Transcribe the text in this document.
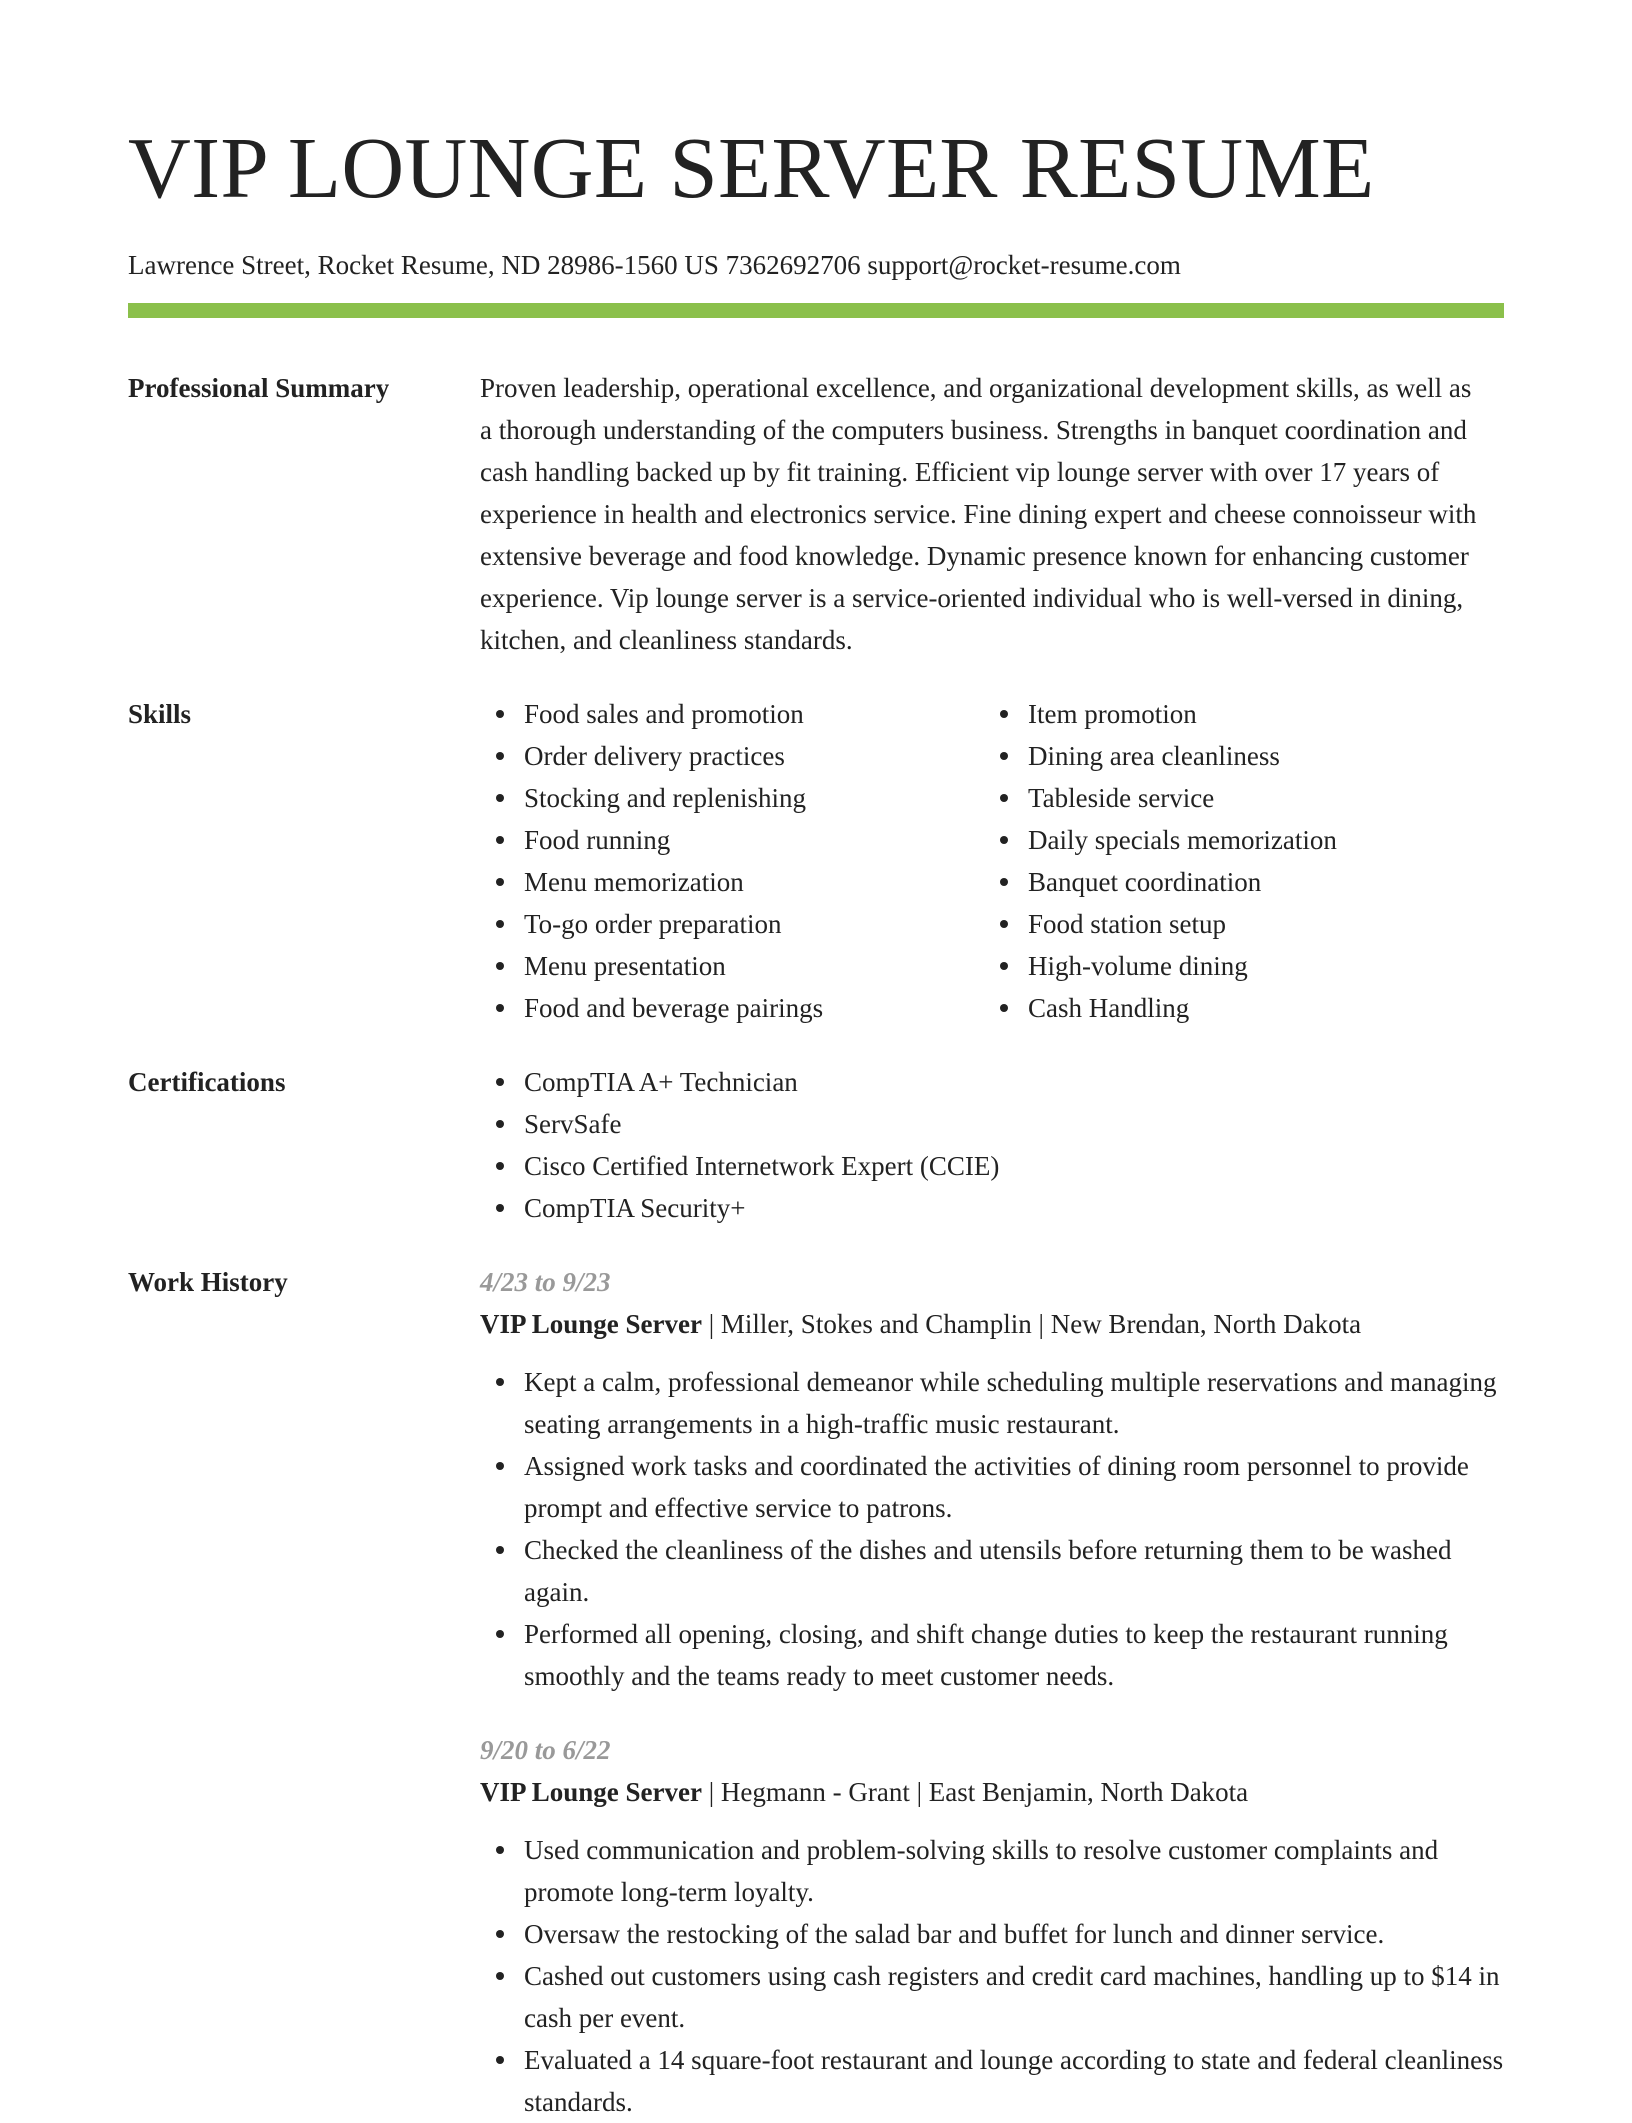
VIP LOUNGE SERVER RESUME
Lawrence Street, Rocket Resume, ND 28986-1560 US 7362692706 support@rocket-resume.com
Professional Summary	Proven leadership, operational excellence, and organizational development skills, as well as a thorough understanding of the computers business. Strengths in banquet coordination and cash handling backed up by fit training. Efficient vip lounge server with over 17 years of experience in health and electronics service. Fine dining expert and cheese connoisseur with extensive beverage and food knowledge. Dynamic presence known for enhancing customer experience. Vip lounge server is a service-oriented individual who is well-versed in dining, kitchen, and cleanliness standards.

Skills	Food sales and promotion
Order delivery practices
Stocking and replenishing
Food running
Menu memorization
To-go order preparation
Menu presentation
Food and beverage pairings
Item promotion
Dining area cleanliness
Tableside service
Daily specials memorization
Banquet coordination
Food station setup
High-volume dining
Cash Handling
Certifications	CompTIA A+ Technician
ServSafe
Cisco Certified Internetwork Expert (CCIE)
CompTIA Security+
Work History	4/23 to 9/23
VIP Lounge Server | Miller, Stokes and Champlin | New Brendan, North Dakota
Kept a calm, professional demeanor while scheduling multiple reservations and managing seating arrangements in a high-traffic music restaurant.
Assigned work tasks and coordinated the activities of dining room personnel to provide prompt and effective service to patrons.
Checked the cleanliness of the dishes and utensils before returning them to be washed again.
Performed all opening, closing, and shift change duties to keep the restaurant running smoothly and the teams ready to meet customer needs.
9/20 to 6/22
VIP Lounge Server | Hegmann - Grant | East Benjamin, North Dakota
Used communication and problem-solving skills to resolve customer complaints and promote long-term loyalty.
Oversaw the restocking of the salad bar and buffet for lunch and dinner service.
Cashed out customers using cash registers and credit card machines, handling up to $14 in cash per event.
Evaluated a 14 square-foot restaurant and lounge according to state and federal cleanliness standards.
